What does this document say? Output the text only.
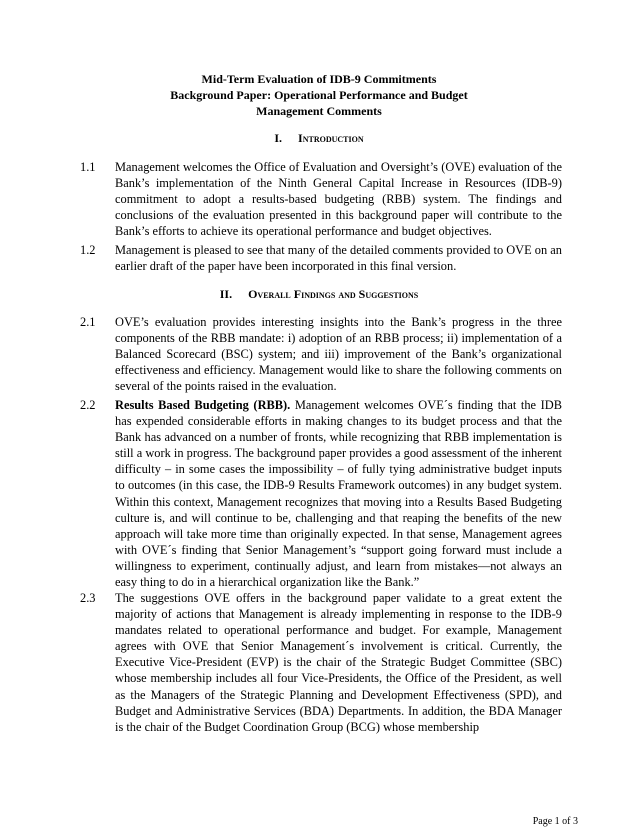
Mid-Term Evaluation of IDB-9 Commitments
Background Paper: Operational Performance and Budget
Management Comments
I. Introduction
1.1 Management welcomes the Office of Evaluation and Oversight’s (OVE) evaluation of the Bank’s implementation of the Ninth General Capital Increase in Resources (IDB-9) commitment to adopt a results-based budgeting (RBB) system. The findings and conclusions of the evaluation presented in this background paper will contribute to the Bank’s efforts to achieve its operational performance and budget objectives.
1.2 Management is pleased to see that many of the detailed comments provided to OVE on an earlier draft of the paper have been incorporated in this final version.
II. Overall Findings and Suggestions
2.1 OVE’s evaluation provides interesting insights into the Bank’s progress in the three components of the RBB mandate: i) adoption of an RBB process; ii) implementation of a Balanced Scorecard (BSC) system; and iii) improvement of the Bank’s organizational effectiveness and efficiency. Management would like to share the following comments on several of the points raised in the evaluation.
2.2 Results Based Budgeting (RBB). Management welcomes OVE´s finding that the IDB has expended considerable efforts in making changes to its budget process and that the Bank has advanced on a number of fronts, while recognizing that RBB implementation is still a work in progress. The background paper provides a good assessment of the inherent difficulty – in some cases the impossibility – of fully tying administrative budget inputs to outcomes (in this case, the IDB-9 Results Framework outcomes) in any budget system. Within this context, Management recognizes that moving into a Results Based Budgeting culture is, and will continue to be, challenging and that reaping the benefits of the new approach will take more time than originally expected. In that sense, Management agrees with OVE´s finding that Senior Management’s “support going forward must include a willingness to experiment, continually adjust, and learn from mistakes—not always an easy thing to do in a hierarchical organization like the Bank.”
2.3 The suggestions OVE offers in the background paper validate to a great extent the majority of actions that Management is already implementing in response to the IDB-9 mandates related to operational performance and budget. For example, Management agrees with OVE that Senior Management´s involvement is critical. Currently, the Executive Vice-President (EVP) is the chair of the Strategic Budget Committee (SBC) whose membership includes all four Vice-Presidents, the Office of the President, as well as the Managers of the Strategic Planning and Development Effectiveness (SPD), and Budget and Administrative Services (BDA) Departments. In addition, the BDA Manager is the chair of the Budget Coordination Group (BCG) whose membership
Page 1 of 3
